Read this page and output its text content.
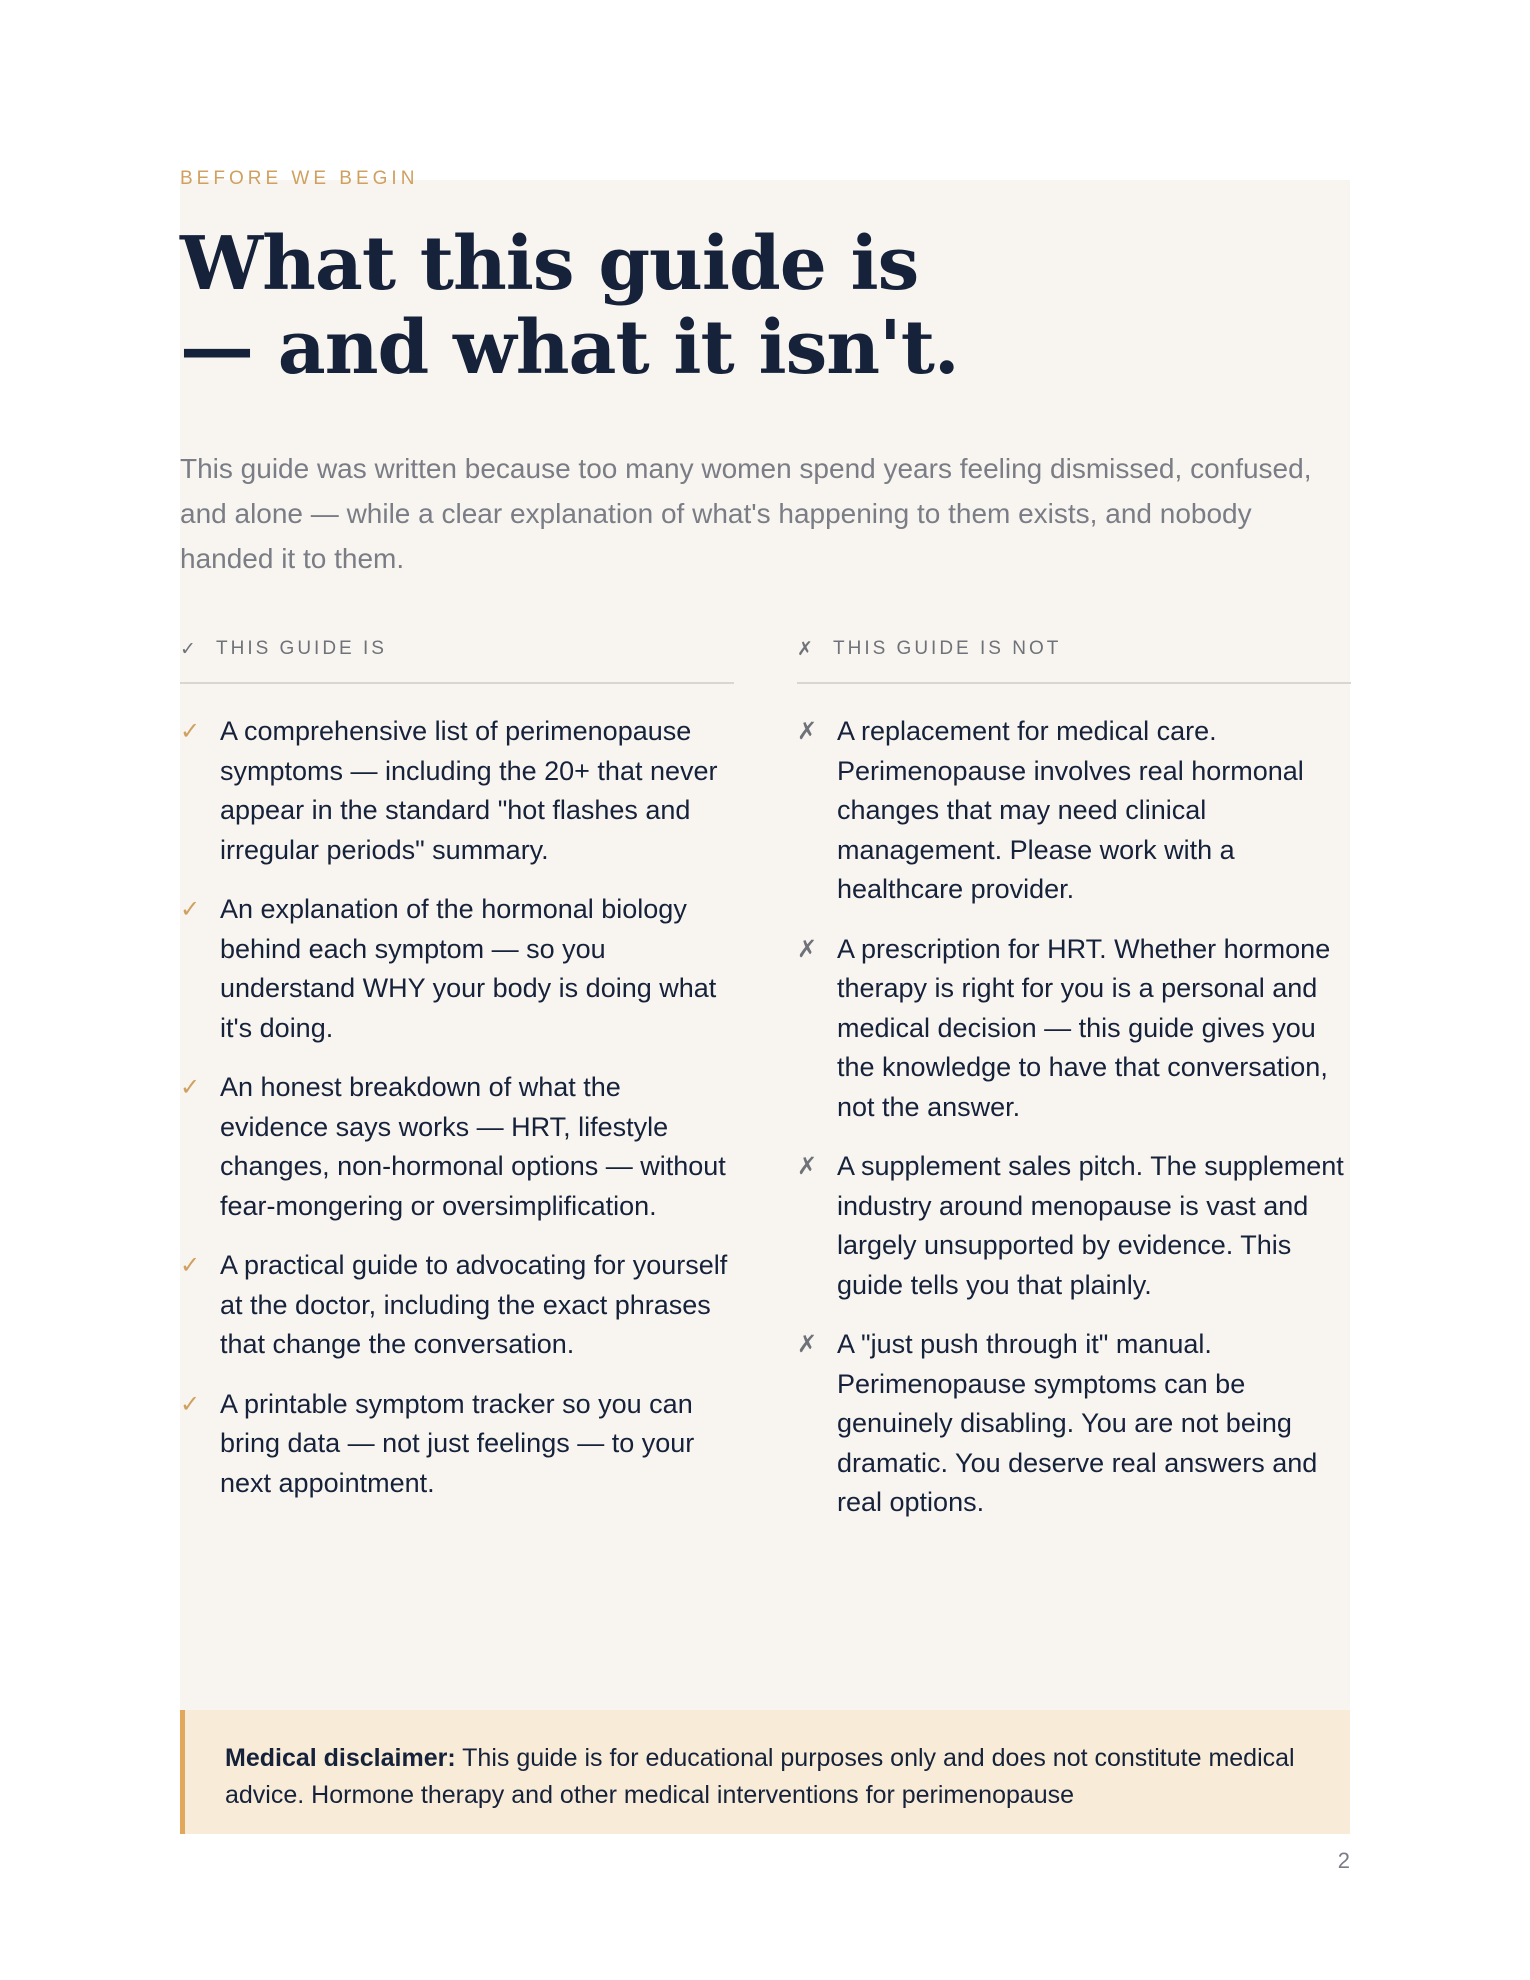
BEFORE WE BEGIN
What this guide is
— and what it isn't.

This guide was written because too many women spend years feeling dismissed, confused, and alone — while a clear explanation of what's happening to them exists, and nobody handed it to them.

✓ THIS GUIDE IS
✓ A comprehensive list of perimenopause symptoms — including the 20+ that never appear in the standard "hot flashes and irregular periods" summary.
✓ An explanation of the hormonal biology behind each symptom — so you understand WHY your body is doing what it's doing.
✓ An honest breakdown of what the evidence says works — HRT, lifestyle changes, non-hormonal options — without fear-mongering or oversimplification.
✓ A practical guide to advocating for yourself at the doctor, including the exact phrases that change the conversation.
✓ A printable symptom tracker so you can bring data — not just feelings — to your next appointment.
✗ THIS GUIDE IS NOT
✗ A replacement for medical care. Perimenopause involves real hormonal changes that may need clinical management. Please work with a healthcare provider.
✗ A prescription for HRT. Whether hormone therapy is right for you is a personal and medical decision — this guide gives you the knowledge to have that conversation, not the answer.
✗ A supplement sales pitch. The supplement industry around menopause is vast and largely unsupported by evidence. This guide tells you that plainly.
✗ A "just push through it" manual. Perimenopause symptoms can be genuinely disabling. You are not being dramatic. You deserve real answers and real options.
Medical disclaimer: This guide is for educational purposes only and does not constitute medical advice. Hormone therapy and other medical interventions for perimenopause
2
